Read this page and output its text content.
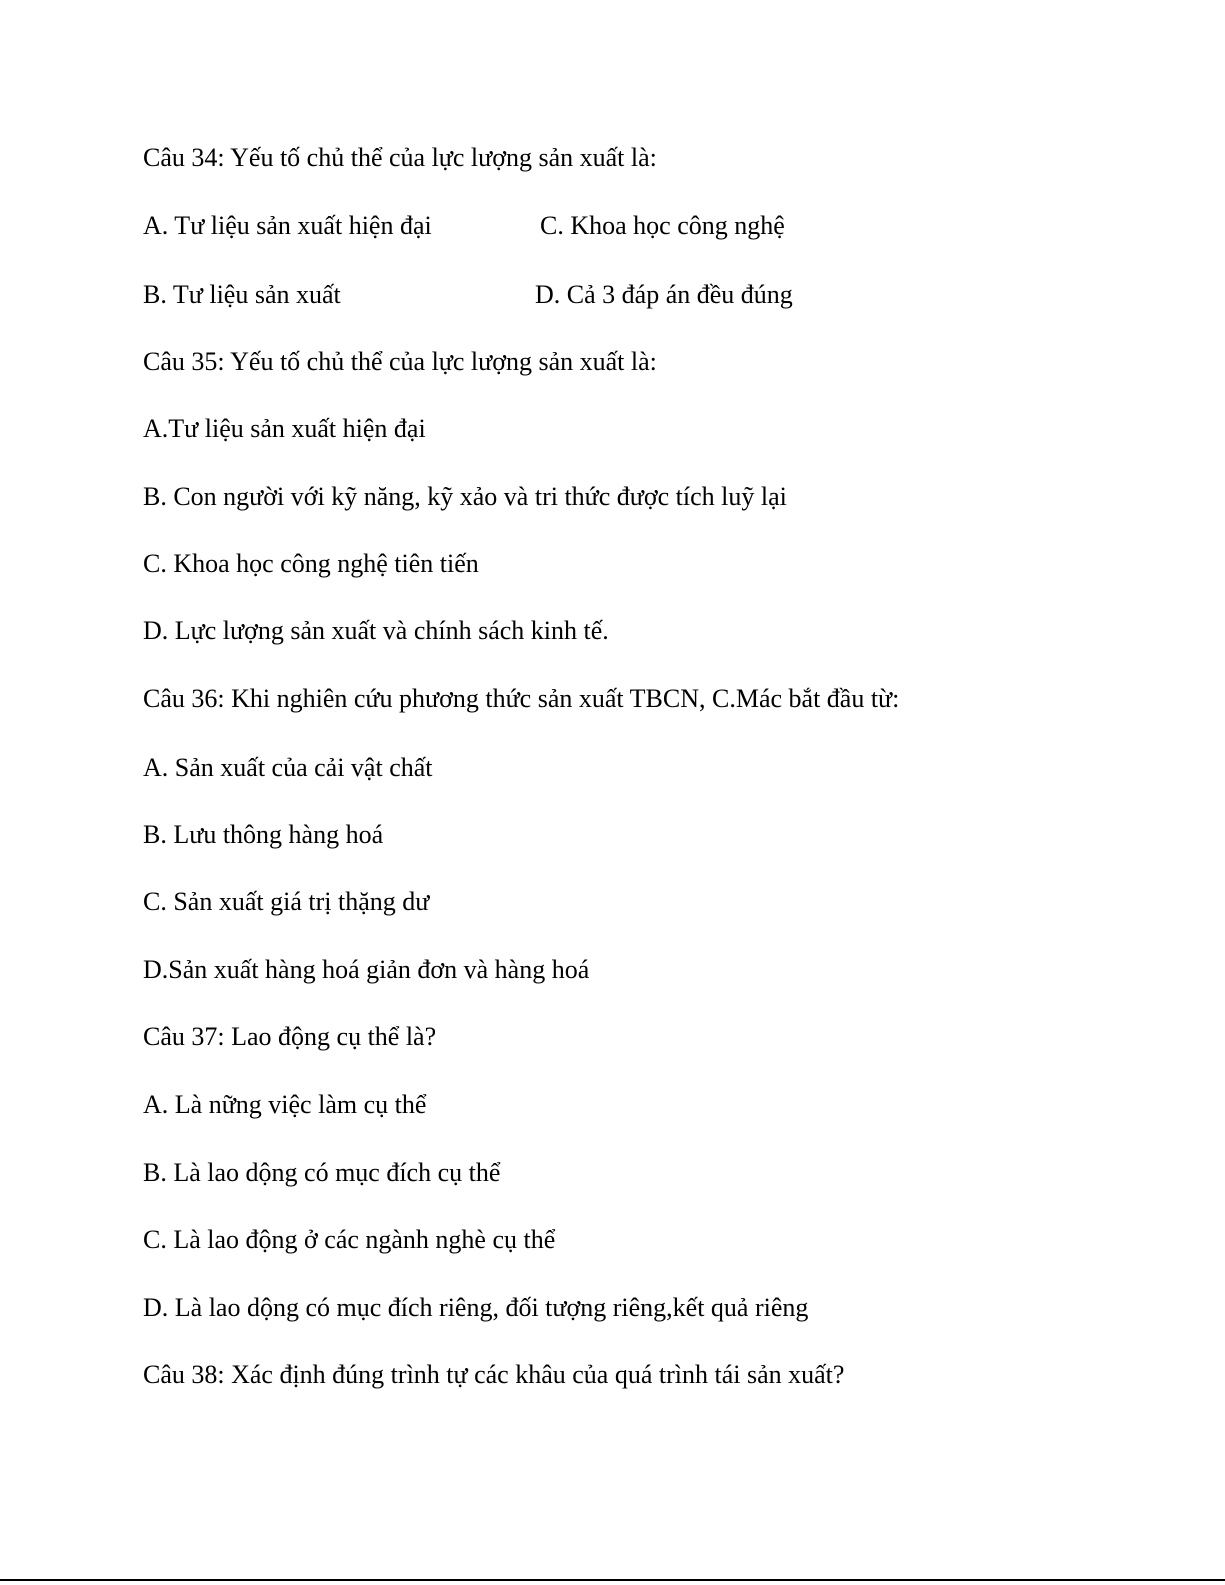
Câu 34: Yếu tố chủ thể của lực lượng sản xuất là:
A. Tư liệu sản xuất hiện đại	C. Khoa học công nghệ
B. Tư liệu sản xuất	D. Cả 3 đáp án đều đúng
Câu 35: Yếu tố chủ thể của lực lượng sản xuất là:
A.Tư liệu sản xuất hiện đại
B. Con người với kỹ năng, kỹ xảo và tri thức được tích luỹ lại
C. Khoa học công nghệ tiên tiến
D. Lực lượng sản xuất và chính sách kinh tế.
Câu 36: Khi nghiên cứu phương thức sản xuất TBCN, C.Mác bắt đầu từ:
A. Sản xuất của cải vật chất
B. Lưu thông hàng hoá
C. Sản xuất giá trị thặng dư
D.Sản xuất hàng hoá giản đơn và hàng hoá
Câu 37: Lao động cụ thể là?
A. Là nững việc làm cụ thể
B. Là lao dộng có mục đích cụ thể
C. Là lao động ở các ngành nghè cụ thể
D. Là lao dộng có mục đích riêng, đối tượng riêng,kết quả riêng
Câu 38: Xác định đúng trình tự các khâu của quá trình tái sản xuất?
